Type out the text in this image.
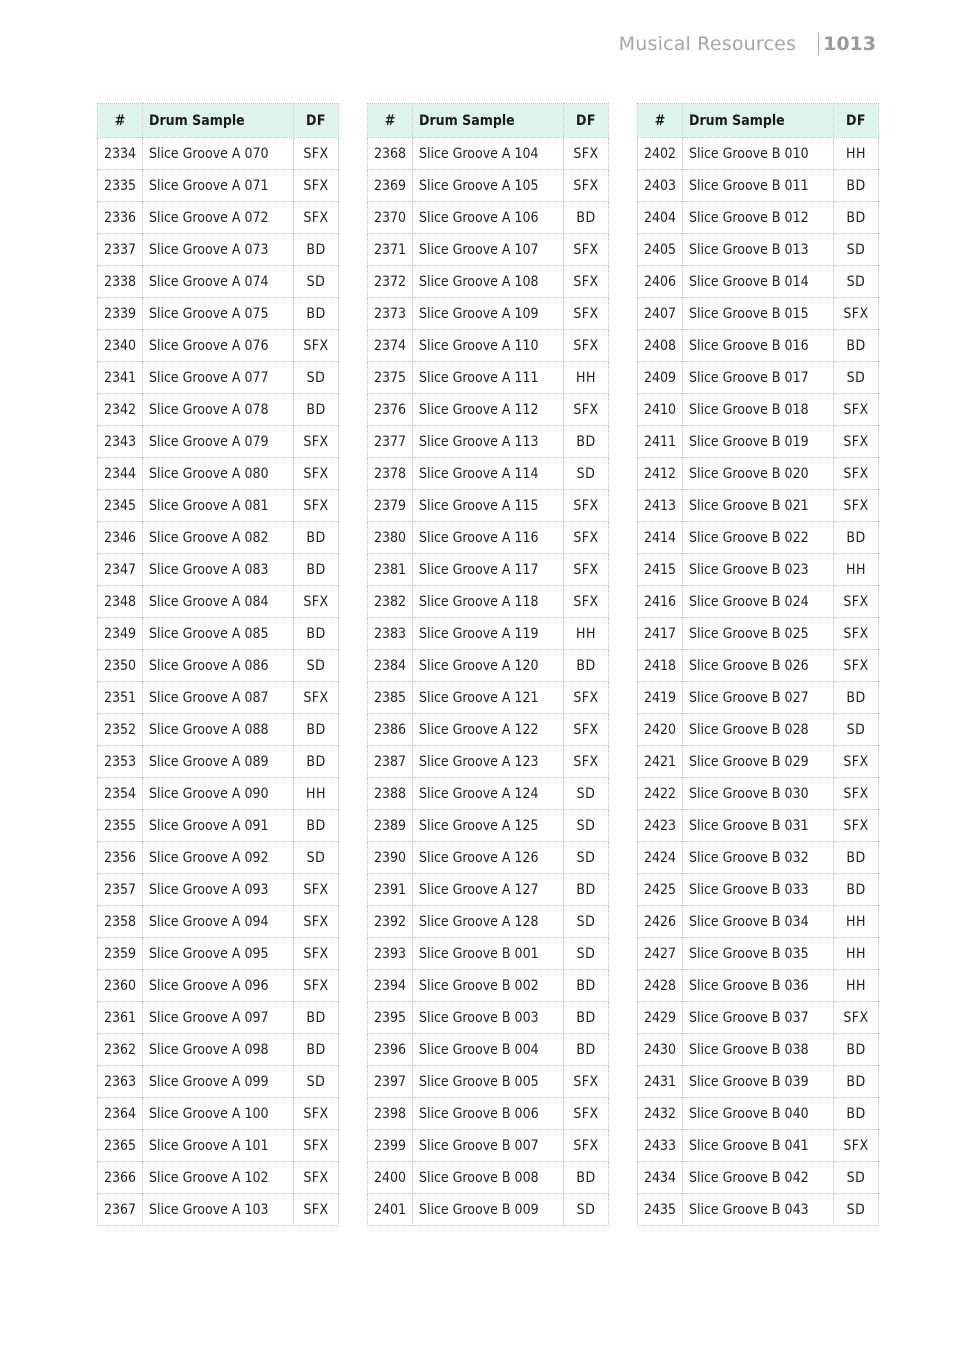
Musical Resources 1013
#	Drum Sample	DF
2334	Slice Groove A 070	SFX
2335	Slice Groove A 071	SFX
2336	Slice Groove A 072	SFX
2337	Slice Groove A 073	BD
2338	Slice Groove A 074	SD
2339	Slice Groove A 075	BD
2340	Slice Groove A 076	SFX
2341	Slice Groove A 077	SD
2342	Slice Groove A 078	BD
2343	Slice Groove A 079	SFX
2344	Slice Groove A 080	SFX
2345	Slice Groove A 081	SFX
2346	Slice Groove A 082	BD
2347	Slice Groove A 083	BD
2348	Slice Groove A 084	SFX
2349	Slice Groove A 085	BD
2350	Slice Groove A 086	SD
2351	Slice Groove A 087	SFX
2352	Slice Groove A 088	BD
2353	Slice Groove A 089	BD
2354	Slice Groove A 090	HH
2355	Slice Groove A 091	BD
2356	Slice Groove A 092	SD
2357	Slice Groove A 093	SFX
2358	Slice Groove A 094	SFX
2359	Slice Groove A 095	SFX
2360	Slice Groove A 096	SFX
2361	Slice Groove A 097	BD
2362	Slice Groove A 098	BD
2363	Slice Groove A 099	SD
2364	Slice Groove A 100	SFX
2365	Slice Groove A 101	SFX
2366	Slice Groove A 102	SFX
2367	Slice Groove A 103	SFX
#	Drum Sample	DF
2368	Slice Groove A 104	SFX
2369	Slice Groove A 105	SFX
2370	Slice Groove A 106	BD
2371	Slice Groove A 107	SFX
2372	Slice Groove A 108	SFX
2373	Slice Groove A 109	SFX
2374	Slice Groove A 110	SFX
2375	Slice Groove A 111	HH
2376	Slice Groove A 112	SFX
2377	Slice Groove A 113	BD
2378	Slice Groove A 114	SD
2379	Slice Groove A 115	SFX
2380	Slice Groove A 116	SFX
2381	Slice Groove A 117	SFX
2382	Slice Groove A 118	SFX
2383	Slice Groove A 119	HH
2384	Slice Groove A 120	BD
2385	Slice Groove A 121	SFX
2386	Slice Groove A 122	SFX
2387	Slice Groove A 123	SFX
2388	Slice Groove A 124	SD
2389	Slice Groove A 125	SD
2390	Slice Groove A 126	SD
2391	Slice Groove A 127	BD
2392	Slice Groove A 128	SD
2393	Slice Groove B 001	SD
2394	Slice Groove B 002	BD
2395	Slice Groove B 003	BD
2396	Slice Groove B 004	BD
2397	Slice Groove B 005	SFX
2398	Slice Groove B 006	SFX
2399	Slice Groove B 007	SFX
2400	Slice Groove B 008	BD
2401	Slice Groove B 009	SD
#	Drum Sample	DF
2402	Slice Groove B 010	HH
2403	Slice Groove B 011	BD
2404	Slice Groove B 012	BD
2405	Slice Groove B 013	SD
2406	Slice Groove B 014	SD
2407	Slice Groove B 015	SFX
2408	Slice Groove B 016	BD
2409	Slice Groove B 017	SD
2410	Slice Groove B 018	SFX
2411	Slice Groove B 019	SFX
2412	Slice Groove B 020	SFX
2413	Slice Groove B 021	SFX
2414	Slice Groove B 022	BD
2415	Slice Groove B 023	HH
2416	Slice Groove B 024	SFX
2417	Slice Groove B 025	SFX
2418	Slice Groove B 026	SFX
2419	Slice Groove B 027	BD
2420	Slice Groove B 028	SD
2421	Slice Groove B 029	SFX
2422	Slice Groove B 030	SFX
2423	Slice Groove B 031	SFX
2424	Slice Groove B 032	BD
2425	Slice Groove B 033	BD
2426	Slice Groove B 034	HH
2427	Slice Groove B 035	HH
2428	Slice Groove B 036	HH
2429	Slice Groove B 037	SFX
2430	Slice Groove B 038	BD
2431	Slice Groove B 039	BD
2432	Slice Groove B 040	BD
2433	Slice Groove B 041	SFX
2434	Slice Groove B 042	SD
2435	Slice Groove B 043	SD
